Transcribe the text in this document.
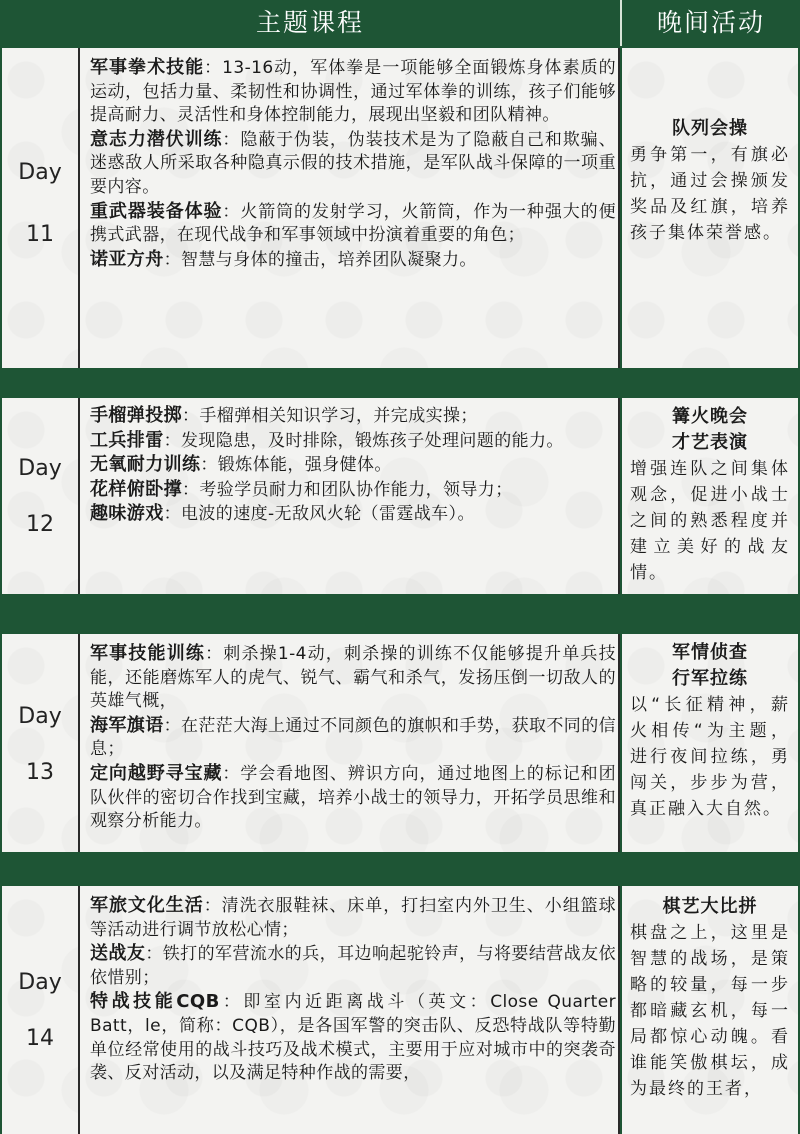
主题课程	晚间活动
Day
11

军事拳术技能：13-16动，军体拳是一项能够全面锻炼身体素质的运动，包括力量、柔韧性和协调性，通过军体拳的训练，孩子们能够提高耐力、灵活性和身体控制能力，展现出坚毅和团队精神。

意志力潜伏训练：隐蔽于伪装，伪装技术是为了隐蔽自己和欺骗、迷惑敌人所采取各种隐真示假的技术措施，是军队战斗保障的一项重要内容。

重武器装备体验：火箭筒的发射学习，火箭筒，作为一种强大的便携式武器，在现代战争和军事领域中扮演着重要的角色；

诺亚方舟：智慧与身体的撞击，培养团队凝聚力。

队列会操
勇争第一，有旗必抗，通过会操颁发奖品及红旗，培养孩子集体荣誉感。
Day
12

手榴弹投掷：手榴弹相关知识学习，并完成实操；

工兵排雷：发现隐患，及时排除，锻炼孩子处理问题的能力。

无氧耐力训练：锻炼体能，强身健体。

花样俯卧撑：考验学员耐力和团队协作能力，领导力；

趣味游戏：电波的速度-无敌风火轮（雷霆战车）。

篝火晚会
才艺表演
增强连队之间集体观念，促进小战士之间的熟悉程度并建立美好的战友情。
Day
13

军事技能训练：刺杀操1-4动，刺杀操的训练不仅能够提升单兵技能，还能磨炼军人的虎气、锐气、霸气和杀气，发扬压倒一切敌人的英雄气概，

海军旗语：在茫茫大海上通过不同颜色的旗帜和手势，获取不同的信息；

定向越野寻宝藏：学会看地图、辨识方向，通过地图上的标记和团队伙伴的密切合作找到宝藏，培养小战士的领导力，开拓学员思维和观察分析能力。

军情侦查
行军拉练
以“长征精神，薪火相传“为主题，进行夜间拉练，勇闯关，步步为营，真正融入大自然。
Day
14

军旅文化生活：清洗衣服鞋袜、床单，打扫室内外卫生、小组篮球等活动进行调节放松心情；

送战友：铁打的军营流水的兵，耳边响起驼铃声，与将要结营战友依依惜别；

特战技能CQB：即室内近距离战斗（英文：Close Quarter Batt，le，简称：CQB），是各国军警的突击队、反恐特战队等特勤单位经常使用的战斗技巧及战术模式，主要用于应对城市中的突袭奇袭、反对活动，以及满足特种作战的需要，

棋艺大比拼
棋盘之上，这里是智慧的战场，是策略的较量，每一步都暗藏玄机，每一局都惊心动魄。看谁能笑傲棋坛，成为最终的王者，
